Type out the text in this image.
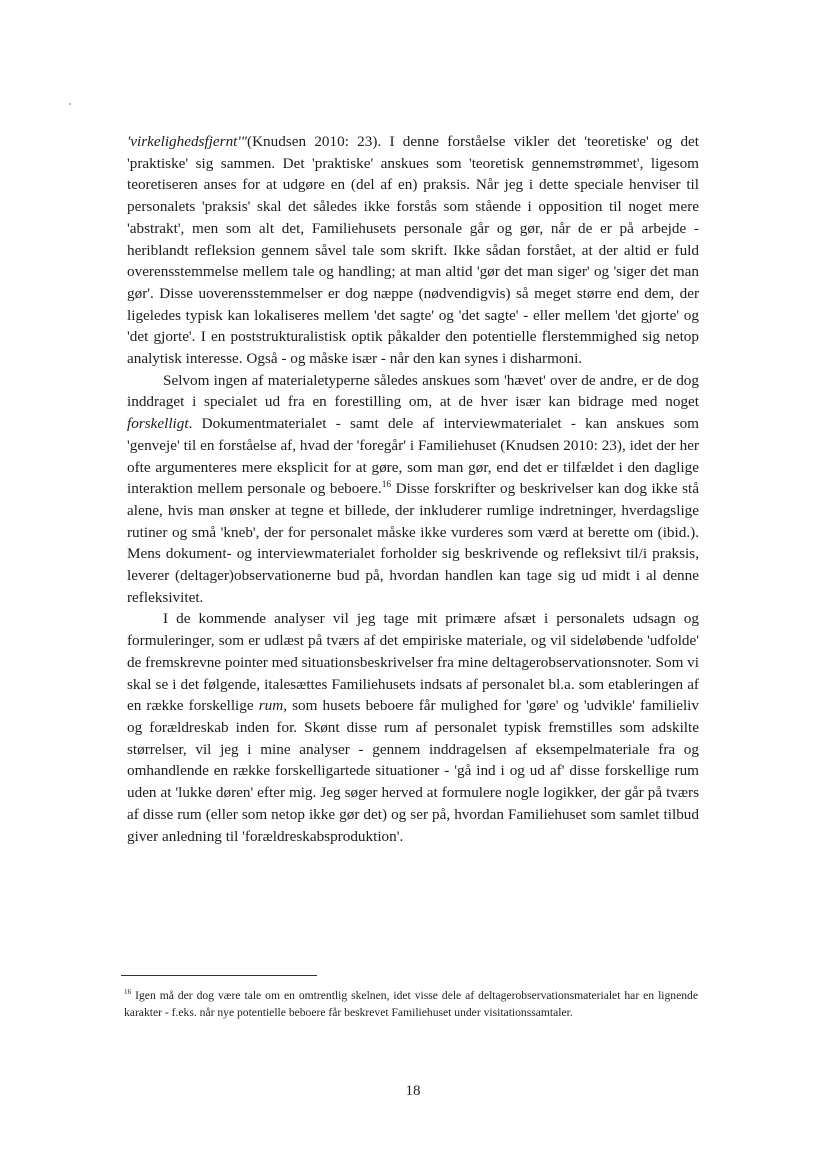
'virkelighedsfjernt'"(Knudsen 2010: 23). I denne forståelse vikler det 'teoretiske' og det 'praktiske' sig sammen. Det 'praktiske' anskues som 'teoretisk gennemstrømmet', ligesom teoretiseren anses for at udgøre en (del af en) praksis. Når jeg i dette speciale henviser til personalets 'praksis' skal det således ikke forstås som stående i opposition til noget mere 'abstrakt', men som alt det, Familiehusets personale går og gør, når de er på arbejde - heriblandt refleksion gennem såvel tale som skrift. Ikke sådan forstået, at der altid er fuld overensstemmelse mellem tale og handling; at man altid 'gør det man siger' og 'siger det man gør'. Disse uoverensstemmelser er dog næppe (nødvendigvis) så meget større end dem, der ligeledes typisk kan lokaliseres mellem 'det sagte' og 'det sagte' - eller mellem 'det gjorte' og 'det gjorte'. I en poststrukturalistisk optik påkalder den potentielle flerstemmighed sig netop analytisk interesse. Også - og måske især - når den kan synes i disharmoni.

Selvom ingen af materialetyperne således anskues som 'hævet' over de andre, er de dog inddraget i specialet ud fra en forestilling om, at de hver især kan bidrage med noget forskelligt. Dokumentmaterialet - samt dele af interviewmaterialet - kan anskues som 'genveje' til en forståelse af, hvad der 'foregår' i Familiehuset (Knudsen 2010: 23), idet der her ofte argumenteres mere eksplicit for at gøre, som man gør, end det er tilfældet i den daglige interaktion mellem personale og beboere.$^{16}$ Disse forskrifter og beskrivelser kan dog ikke stå alene, hvis man ønsker at tegne et billede, der inkluderer rumlige indretninger, hverdagslige rutiner og små 'kneb', der for personalet måske ikke vurderes som værd at berette om (ibid.). Mens dokument- og interviewmaterialet forholder sig beskrivende og refleksivt til/i praksis, leverer (deltager)observationerne bud på, hvordan handlen kan tage sig ud midt i al denne refleksivitet.

I de kommende analyser vil jeg tage mit primære afsæt i personalets udsagn og formuleringer, som er udlæst på tværs af det empiriske materiale, og vil sideløbende 'udfolde' de fremskrevne pointer med situationsbeskrivelser fra mine deltagerobservationsnoter. Som vi skal se i det følgende, italesættes Familiehusets indsats af personalet bl.a. som etableringen af en række forskellige rum, som husets beboere får mulighed for 'gøre' og 'udvikle' familieliv og forældreskab inden for. Skønt disse rum af personalet typisk fremstilles som adskilte størrelser, vil jeg i mine analyser - gennem inddragelsen af eksempelmateriale fra og omhandlende en række forskelligartede situationer - 'gå ind i og ud af' disse forskellige rum uden at 'lukke døren' efter mig. Jeg søger herved at formulere nogle logikker, der går på tværs af disse rum (eller som netop ikke gør det) og ser på, hvordan Familiehuset som samlet tilbud giver anledning til 'forældreskabsproduktion'.

$^{16}$ Igen må der dog være tale om en omtrentlig skelnen, idet visse dele af deltagerobservationsmaterialet har en lignende karakter - f.eks. når nye potentielle beboere får beskrevet Familiehuset under visitationssamtaler.

18
